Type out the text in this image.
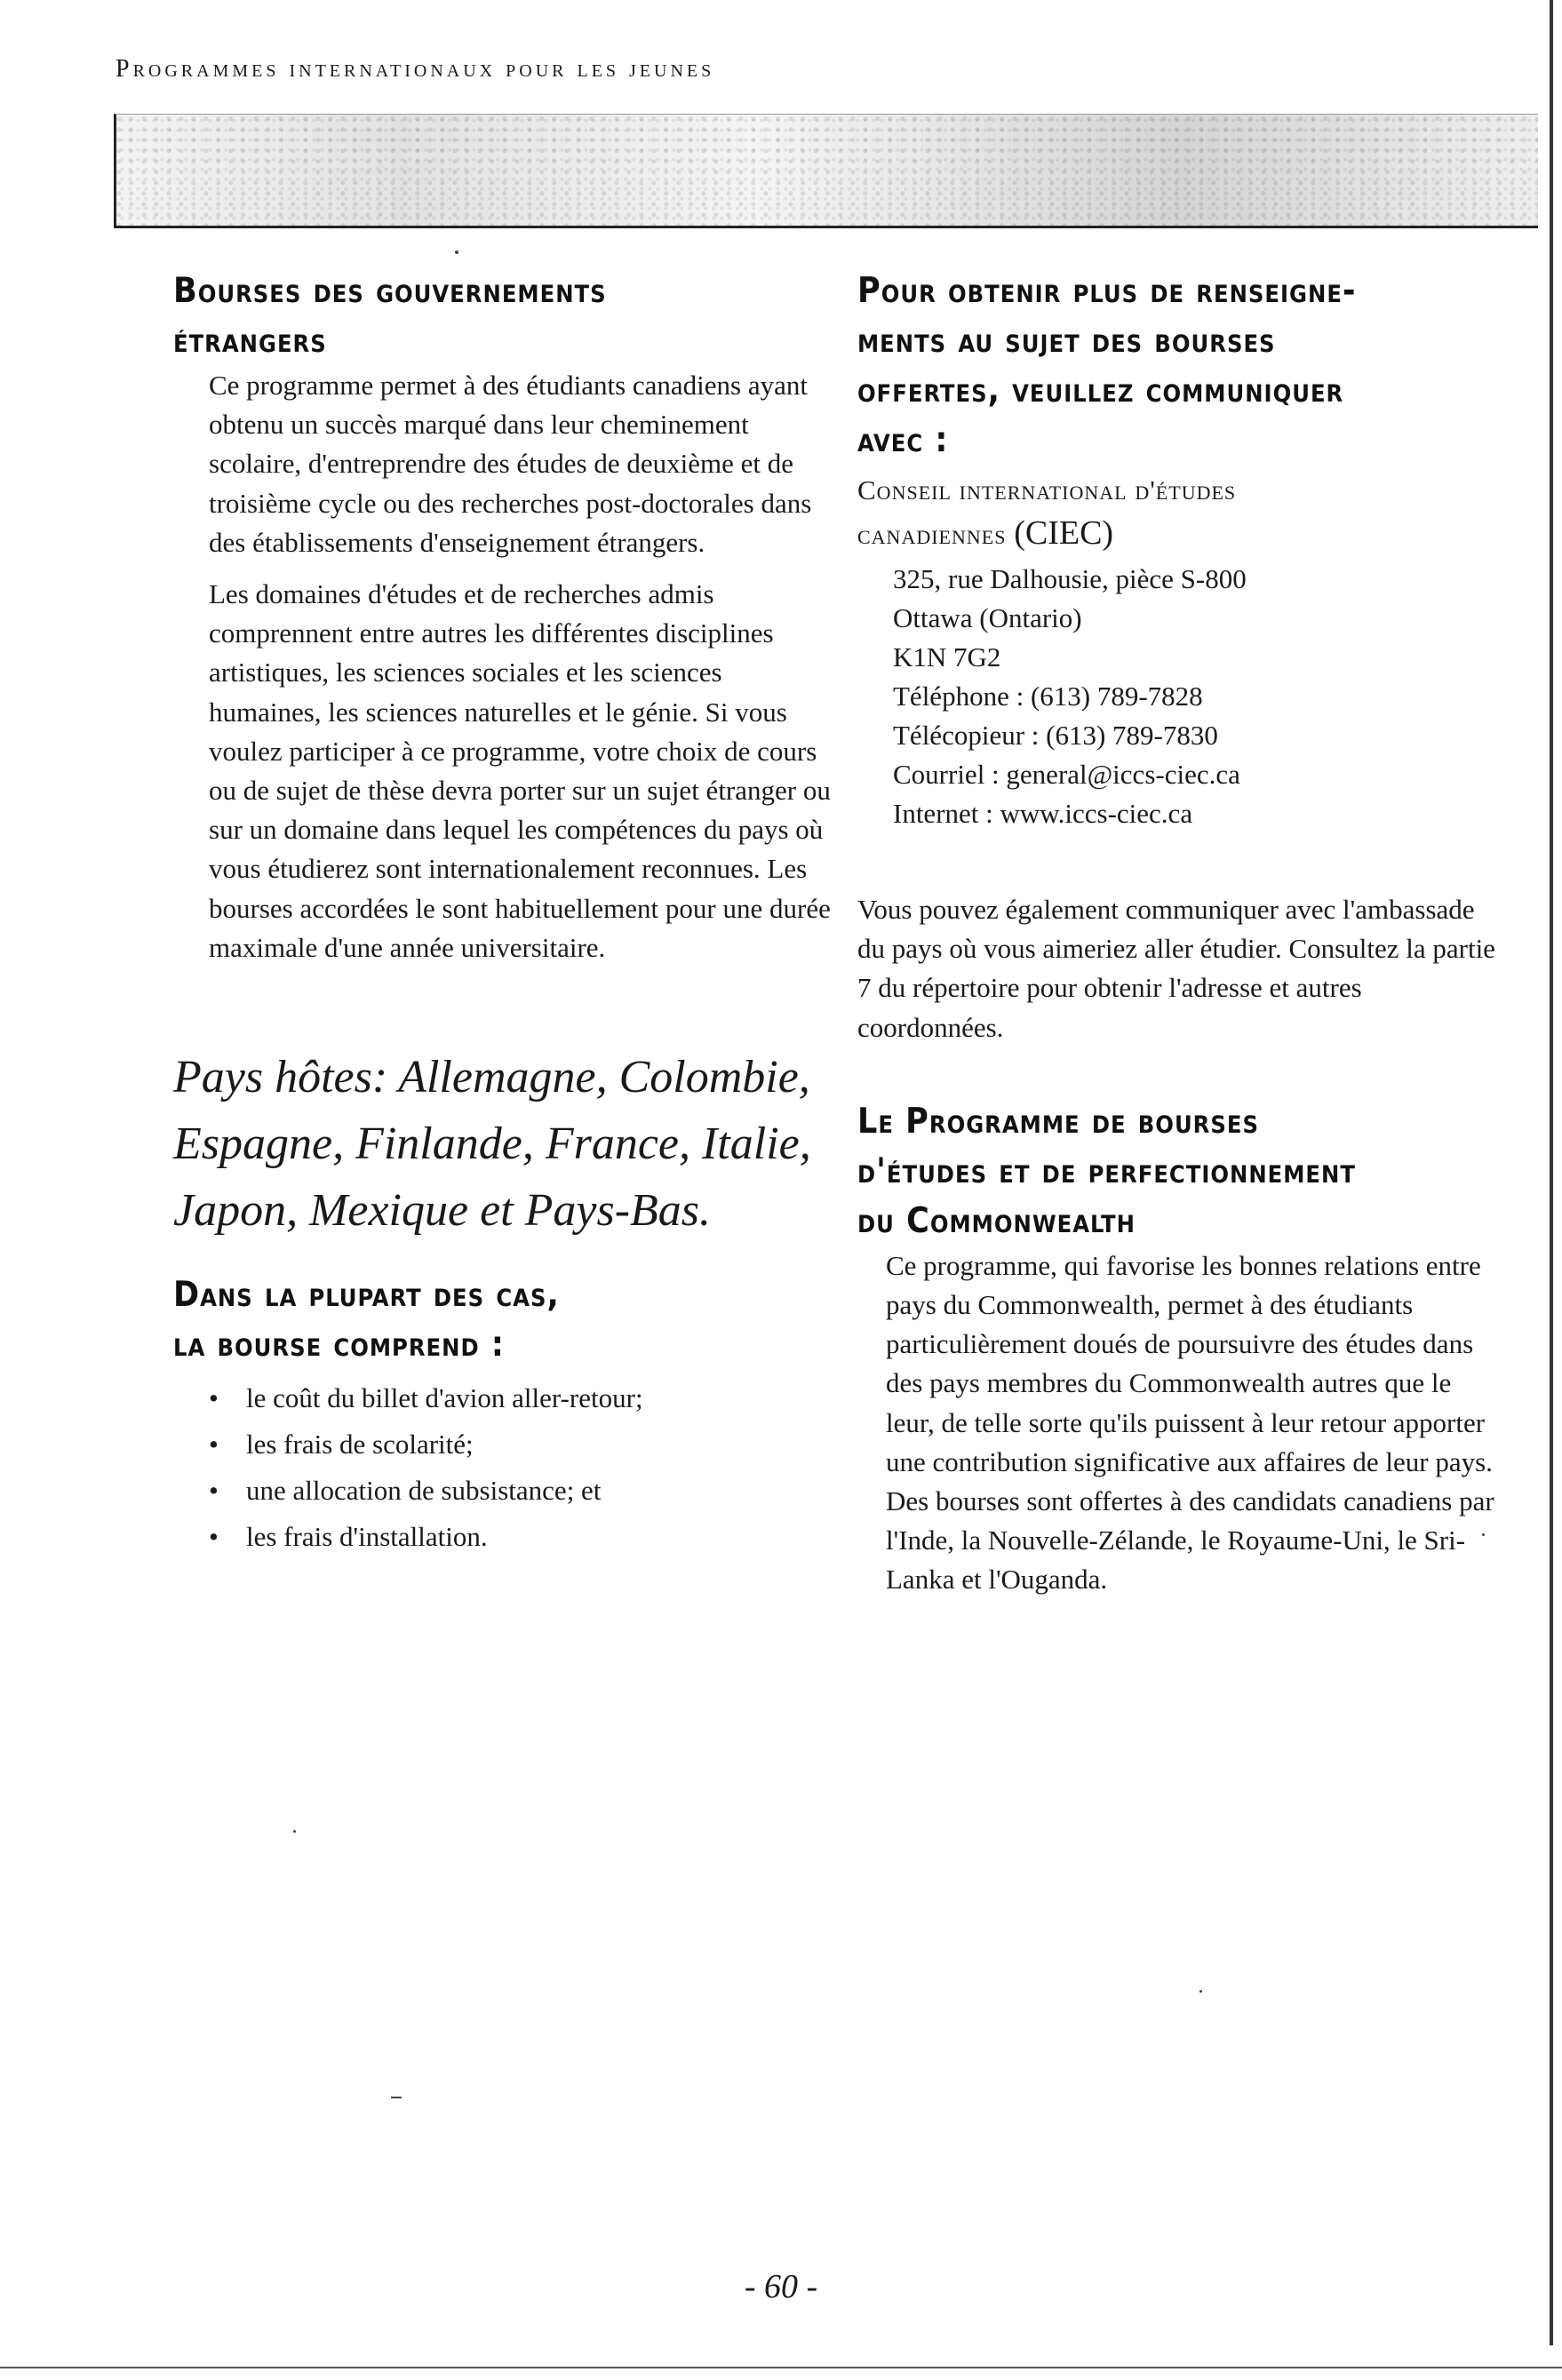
Programmes internationaux pour les jeunes
Bourses des gouvernements
étrangers

Ce programme permet à des étudiants canadiens ayant obtenu un succès marqué dans leur cheminement scolaire, d'entreprendre des études de deuxième et de troisième cycle ou des recherches post-doctorales dans des établissements d'enseignement étrangers.

Les domaines d'études et de recherches admis comprennent entre autres les différentes disciplines artistiques, les sciences sociales et les sciences humaines, les sciences naturelles et le génie. Si vous voulez participer à ce programme, votre choix de cours ou de sujet de thèse devra porter sur un sujet étranger ou sur un domaine dans lequel les compétences du pays où vous étudierez sont internationalement reconnues. Les bourses accordées le sont habituellement pour une durée maximale d'une année universitaire.

Pays hôtes: Allemagne, Colombie, Espagne, Finlande, France, Italie, Japon, Mexique et Pays-Bas.

Dans la plupart des cas,
la bourse comprend :
• le coût du billet d'avion aller-retour;
• les frais de scolarité;
• une allocation de subsistance; et
• les frais d'installation.
Pour obtenir plus de renseigne-
ments au sujet des bourses
offertes, veuillez communiquer
avec :
Conseil international d'études
canadiennes (CIEC)
325, rue Dalhousie, pièce S-800
Ottawa (Ontario)
K1N 7G2
Téléphone : (613) 789-7828
Télécopieur : (613) 789-7830
Courriel : general@iccs-ciec.ca
Internet : www.iccs-ciec.ca

Vous pouvez également communiquer avec l'ambassade du pays où vous aimeriez aller étudier. Consultez la partie 7 du répertoire pour obtenir l'adresse et autres coordonnées.

Le Programme de bourses
d'études et de perfectionnement
du Commonwealth

Ce programme, qui favorise les bonnes relations entre pays du Commonwealth, permet à des étudiants particulièrement doués de poursuivre des études dans des pays membres du Commonwealth autres que le leur, de telle sorte qu'ils puissent à leur retour apporter une contribution significative aux affaires de leur pays. Des bourses sont offertes à des candidats canadiens par l'Inde, la Nouvelle-Zélande, le Royaume-Uni, le Sri-Lanka et l'Ouganda.

- 60 -
